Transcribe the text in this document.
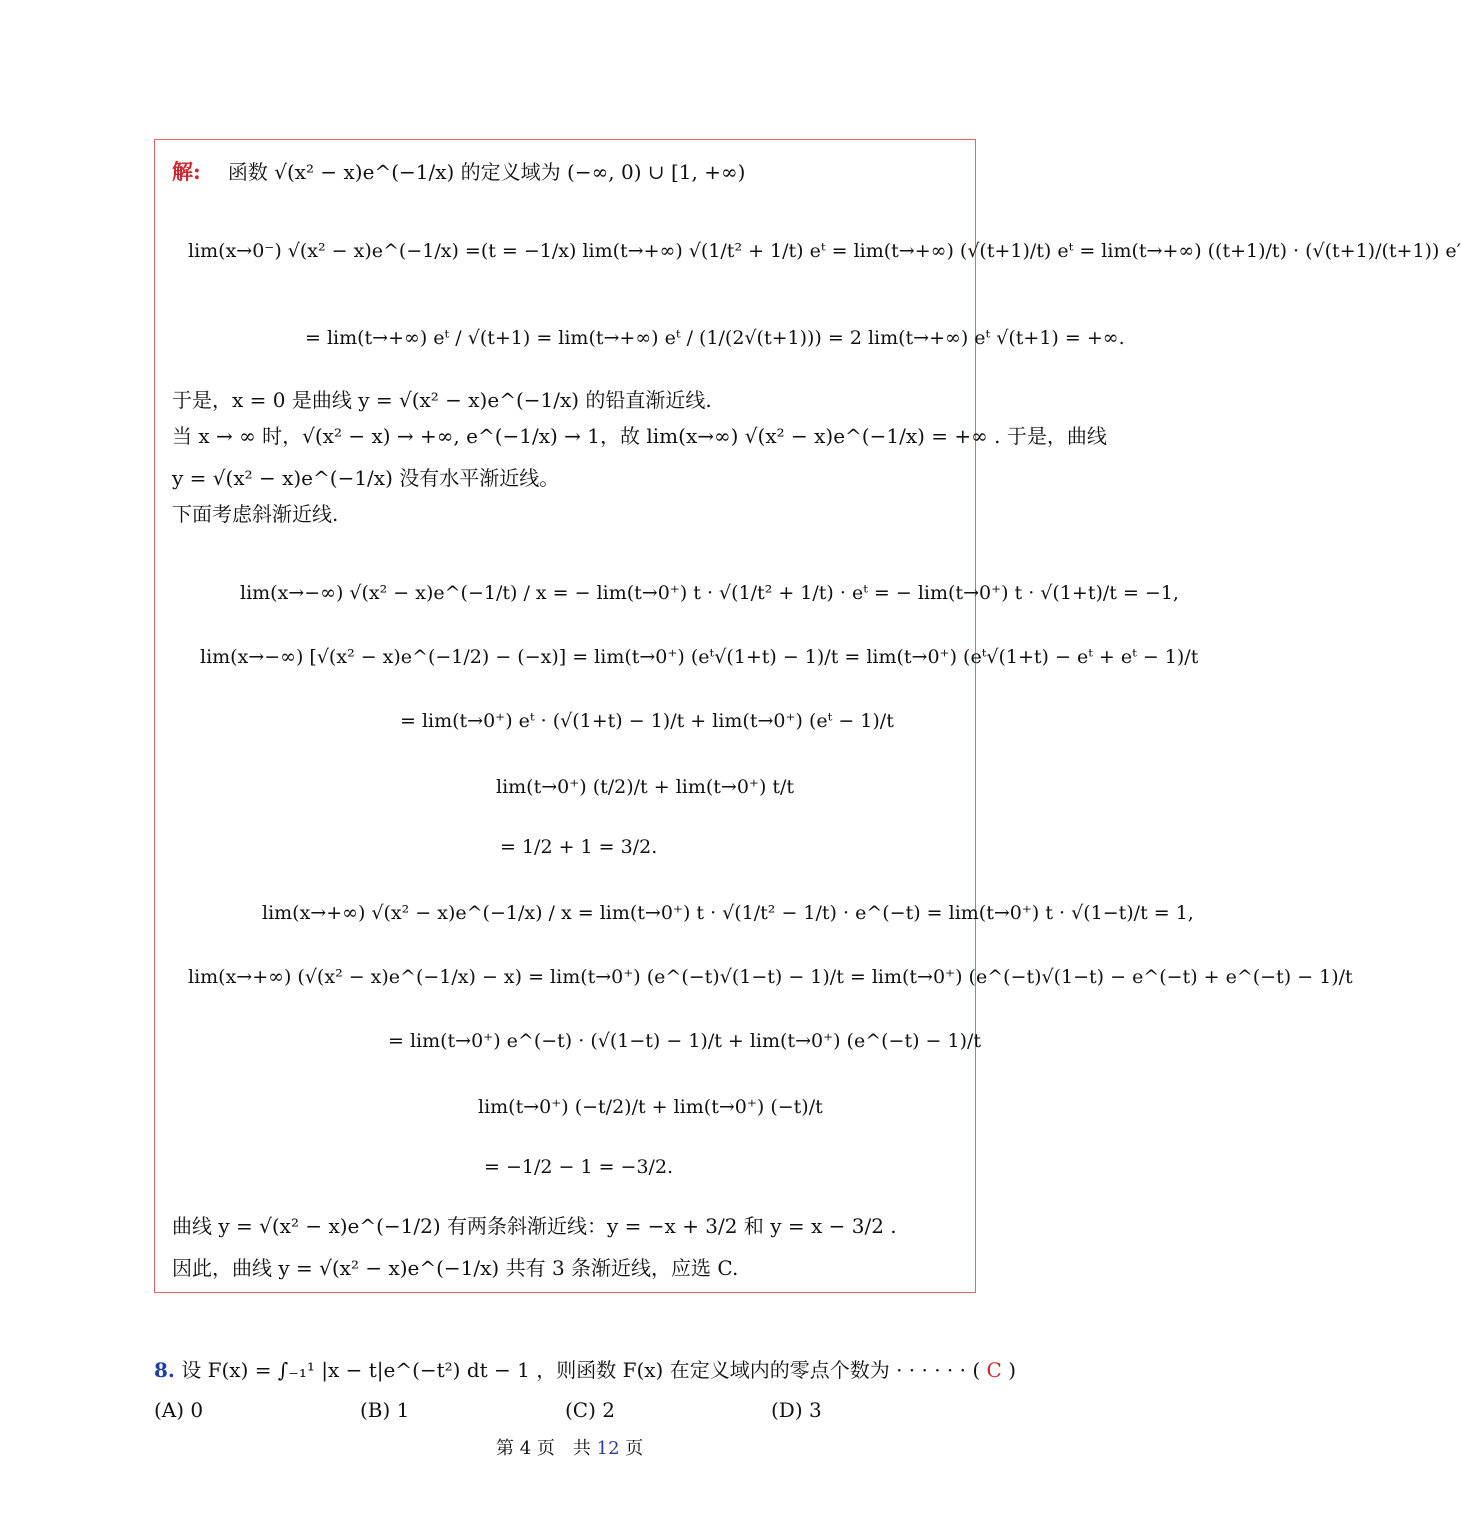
解: 函数 √(x² − x)e^(−1/x) 的定义域为 (−∞, 0) ∪ [1, +∞)
lim(x→0⁻) √(x² − x)e^(−1/x) =(t = −1/x) lim(t→+∞) √(1/t² + 1/t) eᵗ = lim(t→+∞) (√(t+1)/t) eᵗ = lim(t→+∞) ((t+1)/t) · (√(t+1)/(t+1)) e′
= lim(t→+∞) eᵗ / √(t+1) = lim(t→+∞) eᵗ / (1/(2√(t+1))) = 2 lim(t→+∞) eᵗ √(t+1) = +∞.
于是，x = 0 是曲线 y = √(x² − x)e^(−1/x) 的铅直渐近线.
当 x → ∞ 时，√(x² − x) → +∞, e^(−1/x) → 1，故 lim(x→∞) √(x² − x)e^(−1/x) = +∞ . 于是，曲线
y = √(x² − x)e^(−1/x) 没有水平渐近线。
下面考虑斜渐近线.
lim(x→−∞) √(x² − x)e^(−1/t) / x = − lim(t→0⁺) t · √(1/t² + 1/t) · eᵗ = − lim(t→0⁺) t · √(1+t)/t = −1,
lim(x→−∞) [√(x² − x)e^(−1/2) − (−x)] = lim(t→0⁺) (eᵗ√(1+t) − 1)/t = lim(t→0⁺) (eᵗ√(1+t) − eᵗ + eᵗ − 1)/t
= lim(t→0⁺) eᵗ · (√(1+t) − 1)/t + lim(t→0⁺) (eᵗ − 1)/t
lim(t→0⁺) (t/2)/t + lim(t→0⁺) t/t
= 1/2 + 1 = 3/2.
lim(x→+∞) √(x² − x)e^(−1/x) / x = lim(t→0⁺) t · √(1/t² − 1/t) · e^(−t) = lim(t→0⁺) t · √(1−t)/t = 1,
lim(x→+∞) (√(x² − x)e^(−1/x) − x) = lim(t→0⁺) (e^(−t)√(1−t) − 1)/t = lim(t→0⁺) (e^(−t)√(1−t) − e^(−t) + e^(−t) − 1)/t
= lim(t→0⁺) e^(−t) · (√(1−t) − 1)/t + lim(t→0⁺) (e^(−t) − 1)/t
lim(t→0⁺) (−t/2)/t + lim(t→0⁺) (−t)/t
= −1/2 − 1 = −3/2.
曲线 y = √(x² − x)e^(−1/2) 有两条斜渐近线：y = −x + 3/2 和 y = x − 3/2 .
因此，曲线 y = √(x² − x)e^(−1/x) 共有 3 条渐近线，应选 C.
8. 设 F(x) = ∫₋₁¹ |x − t|e^(−t²) dt − 1 ，则函数 F(x) 在定义域内的零点个数为 · · · · · · ( C )
(A) 0	(B) 1	(C) 2	(D) 3
第 4 页　共 12 页
